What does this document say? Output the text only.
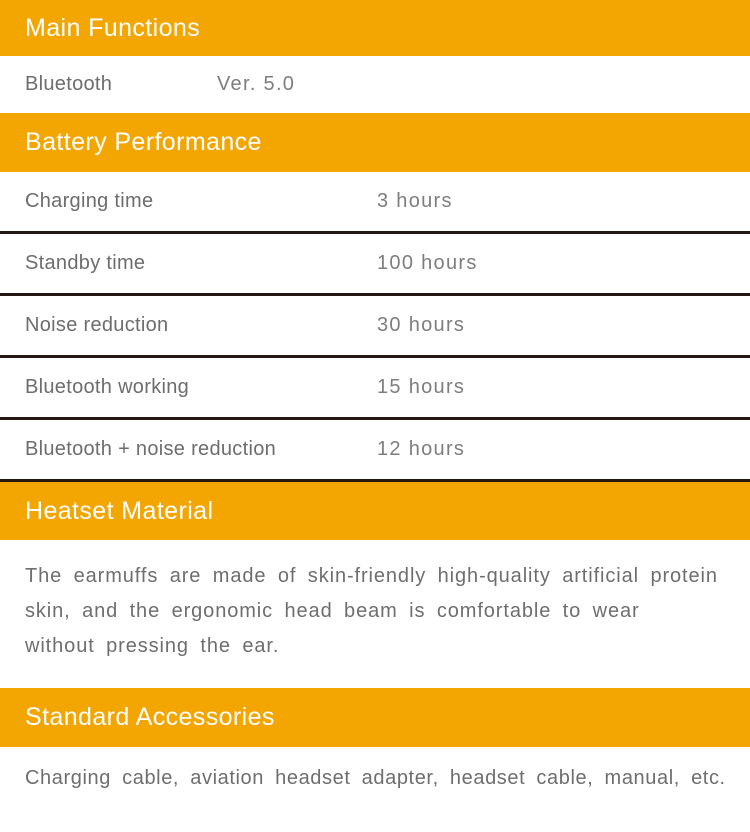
Main Functions
Bluetooth	Ver. 5.0
Battery Performance
Charging time	3 hours
Standby time	100 hours
Noise reduction	30 hours
Bluetooth working	15 hours
Bluetooth + noise reduction	12 hours
Heatset Material
The earmuffs are made of skin-friendly high-quality artificial protein
skin, and the ergonomic head beam is comfortable to wear
without pressing the ear.
Standard Accessories
Charging cable, aviation headset adapter, headset cable, manual, etc.
